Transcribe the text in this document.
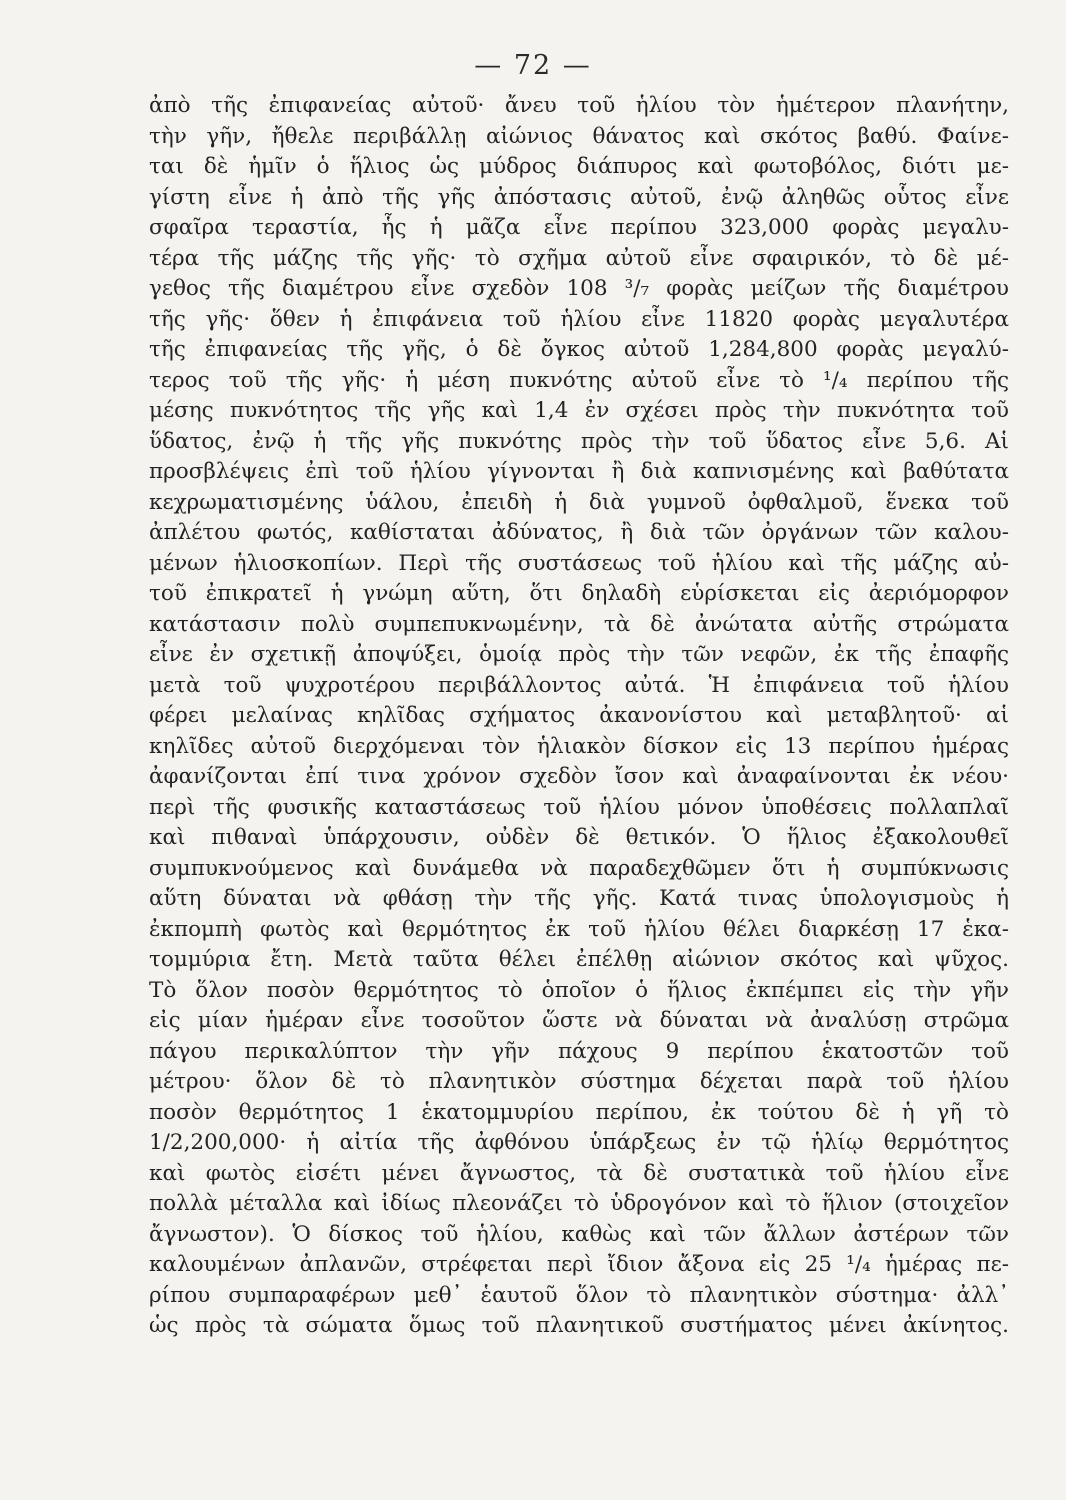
— 72 —
ἀπὸ τῆς ἐπιφανείας αὐτοῦ· ἄνευ τοῦ ἡλίου τὸν ἡμέτερον πλανήτην,
τὴν γῆν, ἤθελε περιβάλλῃ αἰώνιος θάνατος καὶ σκότος βαθύ. Φαίνε-
ται δὲ ἡμῖν ὁ ἥλιος ὡς μύδρος διάπυρος καὶ φωτοβόλος, διότι με-
γίστη εἶνε ἡ ἀπὸ τῆς γῆς ἀπόστασις αὐτοῦ, ἐνῷ ἀληθῶς οὗτος εἶνε
σφαῖρα τεραστία, ἧς ἡ μᾶζα εἶνε περίπου 323,000 φορὰς μεγαλυ-
τέρα τῆς μάζης τῆς γῆς· τὸ σχῆμα αὐτοῦ εἶνε σφαιρικόν, τὸ δὲ μέ-
γεθος τῆς διαμέτρου εἶνε σχεδὸν 108 ³/₇ φορὰς μείζων τῆς διαμέτρου
τῆς γῆς· ὅθεν ἡ ἐπιφάνεια τοῦ ἡλίου εἶνε 11820 φορὰς μεγαλυτέρα
τῆς ἐπιφανείας τῆς γῆς, ὁ δὲ ὄγκος αὐτοῦ 1,284,800 φορὰς μεγαλύ-
τερος τοῦ τῆς γῆς· ἡ μέση πυκνότης αὐτοῦ εἶνε τὸ ¹/₄ περίπου τῆς
μέσης πυκνότητος τῆς γῆς καὶ 1,4 ἐν σχέσει πρὸς τὴν πυκνότητα τοῦ
ὕδατος, ἐνῷ ἡ τῆς γῆς πυκνότης πρὸς τὴν τοῦ ὕδατος εἶνε 5,6. Αἱ
προσβλέψεις ἐπὶ τοῦ ἡλίου γίγνονται ἢ διὰ καπνισμένης καὶ βαθύτατα
κεχρωματισμένης ὑάλου, ἐπειδὴ ἡ διὰ γυμνοῦ ὀφθαλμοῦ, ἕνεκα τοῦ
ἀπλέτου φωτός, καθίσταται ἀδύνατος, ἢ διὰ τῶν ὀργάνων τῶν καλου-
μένων ἡλιοσκοπίων. Περὶ τῆς συστάσεως τοῦ ἡλίου καὶ τῆς μάζης αὐ-
τοῦ ἐπικρατεῖ ἡ γνώμη αὕτη, ὅτι δηλαδὴ εὑρίσκεται εἰς ἀεριόμορφον
κατάστασιν πολὺ συμπεπυκνωμένην, τὰ δὲ ἀνώτατα αὐτῆς στρώματα
εἶνε ἐν σχετικῇ ἀποψύξει, ὁμοίᾳ πρὸς τὴν τῶν νεφῶν, ἐκ τῆς ἐπαφῆς
μετὰ τοῦ ψυχροτέρου περιβάλλοντος αὐτά. Ἡ ἐπιφάνεια τοῦ ἡλίου
φέρει μελαίνας κηλῖδας σχήματος ἀκανονίστου καὶ μεταβλητοῦ· αἱ
κηλῖδες αὐτοῦ διερχόμεναι τὸν ἡλιακὸν δίσκον εἰς 13 περίπου ἡμέρας
ἀφανίζονται ἐπί τινα χρόνον σχεδὸν ἴσον καὶ ἀναφαίνονται ἐκ νέου·
περὶ τῆς φυσικῆς καταστάσεως τοῦ ἡλίου μόνον ὑποθέσεις πολλαπλαῖ
καὶ πιθαναὶ ὑπάρχουσιν, οὐδὲν δὲ θετικόν. Ὁ ἥλιος ἐξακολουθεῖ
συμπυκνούμενος καὶ δυνάμεθα νὰ παραδεχθῶμεν ὅτι ἡ συμπύκνωσις
αὕτη δύναται νὰ φθάσῃ τὴν τῆς γῆς. Κατά τινας ὑπολογισμοὺς ἡ
ἐκπομπὴ φωτὸς καὶ θερμότητος ἐκ τοῦ ἡλίου θέλει διαρκέσῃ 17 ἑκα-
τομμύρια ἔτη. Μετὰ ταῦτα θέλει ἐπέλθῃ αἰώνιον σκότος καὶ ψῦχος.
Τὸ ὅλον ποσὸν θερμότητος τὸ ὁποῖον ὁ ἥλιος ἐκπέμπει εἰς τὴν γῆν
εἰς μίαν ἡμέραν εἶνε τοσοῦτον ὥστε νὰ δύναται νὰ ἀναλύσῃ στρῶμα
πάγου περικαλύπτον τὴν γῆν πάχους 9 περίπου ἑκατοστῶν τοῦ
μέτρου· ὅλον δὲ τὸ πλανητικὸν σύστημα δέχεται παρὰ τοῦ ἡλίου
ποσὸν θερμότητος 1 ἑκατομμυρίου περίπου, ἐκ τούτου δὲ ἡ γῆ τὸ
1/2,200,000· ἡ αἰτία τῆς ἀφθόνου ὑπάρξεως ἐν τῷ ἡλίῳ θερμότητος
καὶ φωτὸς εἰσέτι μένει ἄγνωστος, τὰ δὲ συστατικὰ τοῦ ἡλίου εἶνε
πολλὰ μέταλλα καὶ ἰδίως πλεονάζει τὸ ὑδρογόνον καὶ τὸ ἥλιον (στοιχεῖον
ἄγνωστον). Ὁ δίσκος τοῦ ἡλίου, καθὼς καὶ τῶν ἄλλων ἀστέρων τῶν
καλουμένων ἀπλανῶν, στρέφεται περὶ ἴδιον ἄξονα εἰς 25 ¹/₄ ἡμέρας πε-
ρίπου συμπαραφέρων μεθ᾽ ἑαυτοῦ ὅλον τὸ πλανητικὸν σύστημα· ἀλλ᾽
ὡς πρὸς τὰ σώματα ὅμως τοῦ πλανητικοῦ συστήματος μένει ἀκίνητος.
